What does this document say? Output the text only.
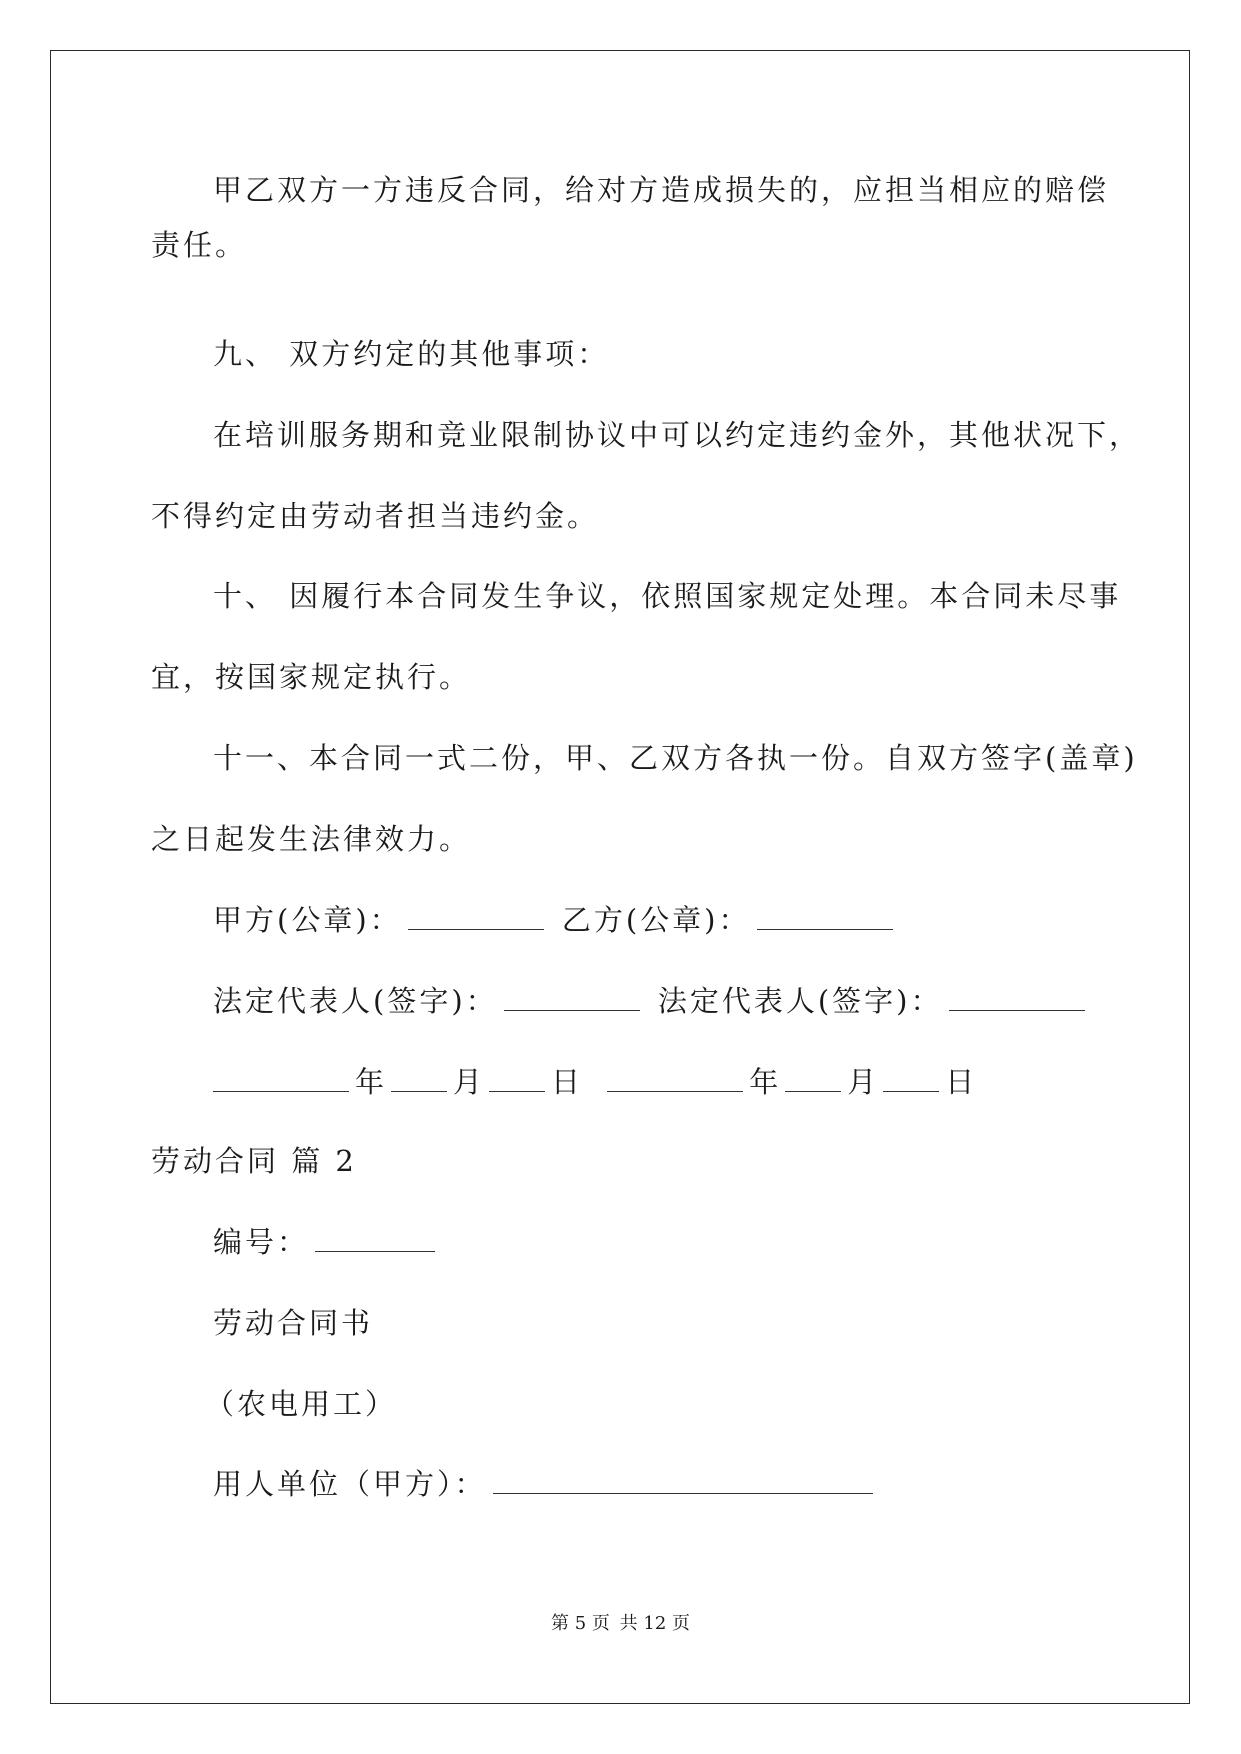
甲乙双方一方违反合同，给对方造成损失的，应担当相应的赔偿
责任。
九、 双方约定的其他事项：
在培训服务期和竞业限制协议中可以约定违约金外，其他状况下，
不得约定由劳动者担当违约金。
十、 因履行本合同发生争议，依照国家规定处理。本合同未尽事
宜，按国家规定执行。
十一、本合同一式二份，甲、乙双方各执一份。自双方签字(盖章)
之日起发生法律效力。
甲方(公章)：	乙方(公章)：
法定代表人(签字)：	法定代表人(签字)：
年 月 日	年 月 日
劳动合同 篇 2
编号：
劳动合同书
（农电用工）
用人单位（甲方）：
第 5 页 共 12 页
